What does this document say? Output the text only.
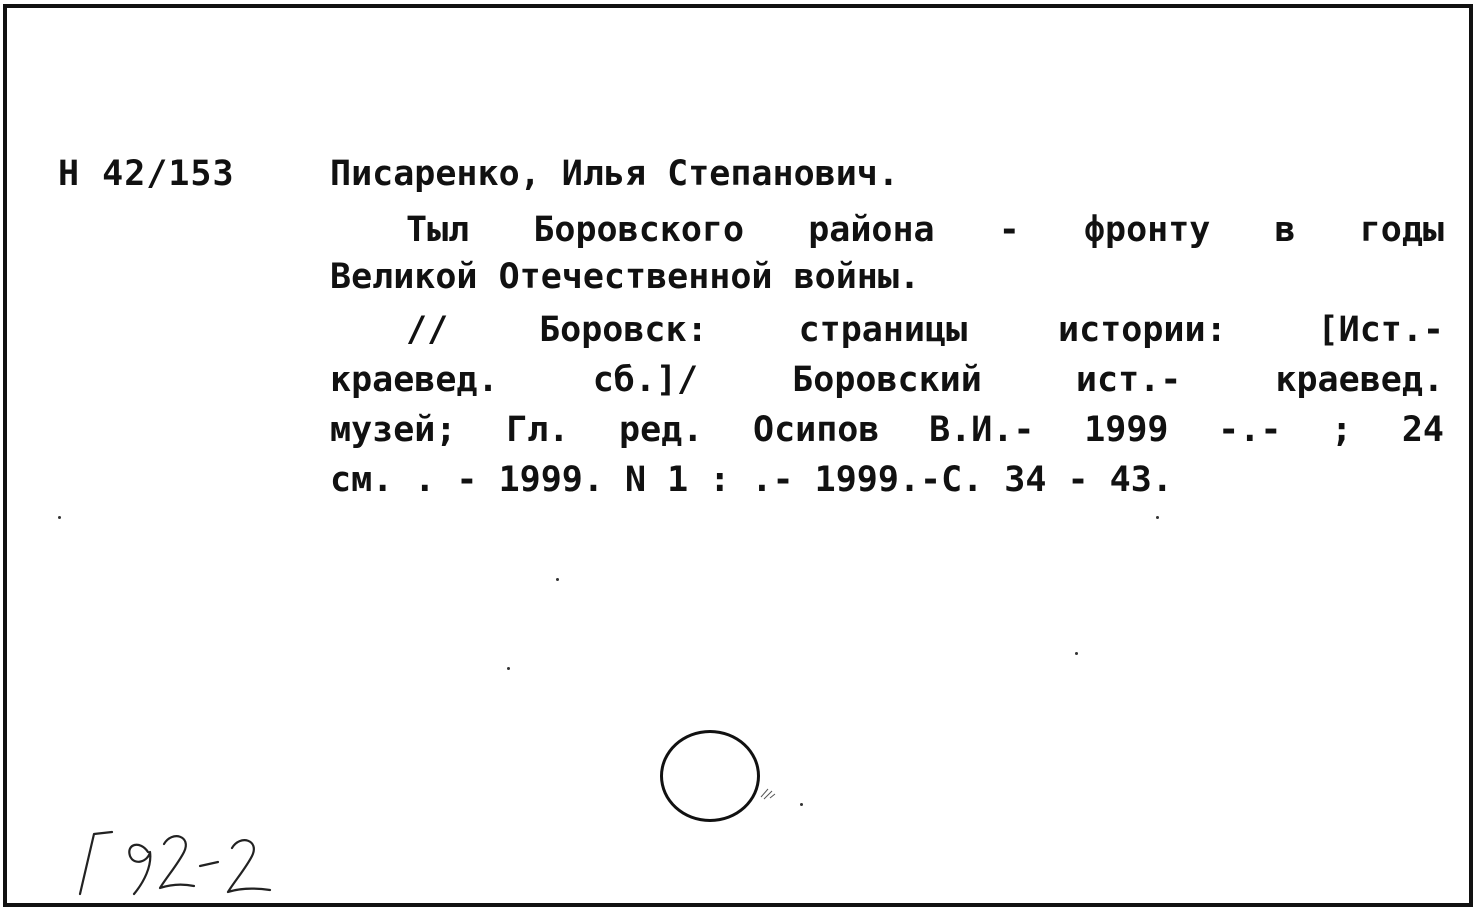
Н 42/153	Писаренко, Илья Степанович.
Тыл Боровского района - фронту в годы
Великой Отечественной войны.
// Боровск: страницы истории: [Ист.-
краевед. сб.]/ Боровский ист.- краевед.
музей; Гл. ред. Осипов В.И.- 1999 -.- ; 24
см. . - 1999. N 1 : .- 1999.-С. 34 - 43.
